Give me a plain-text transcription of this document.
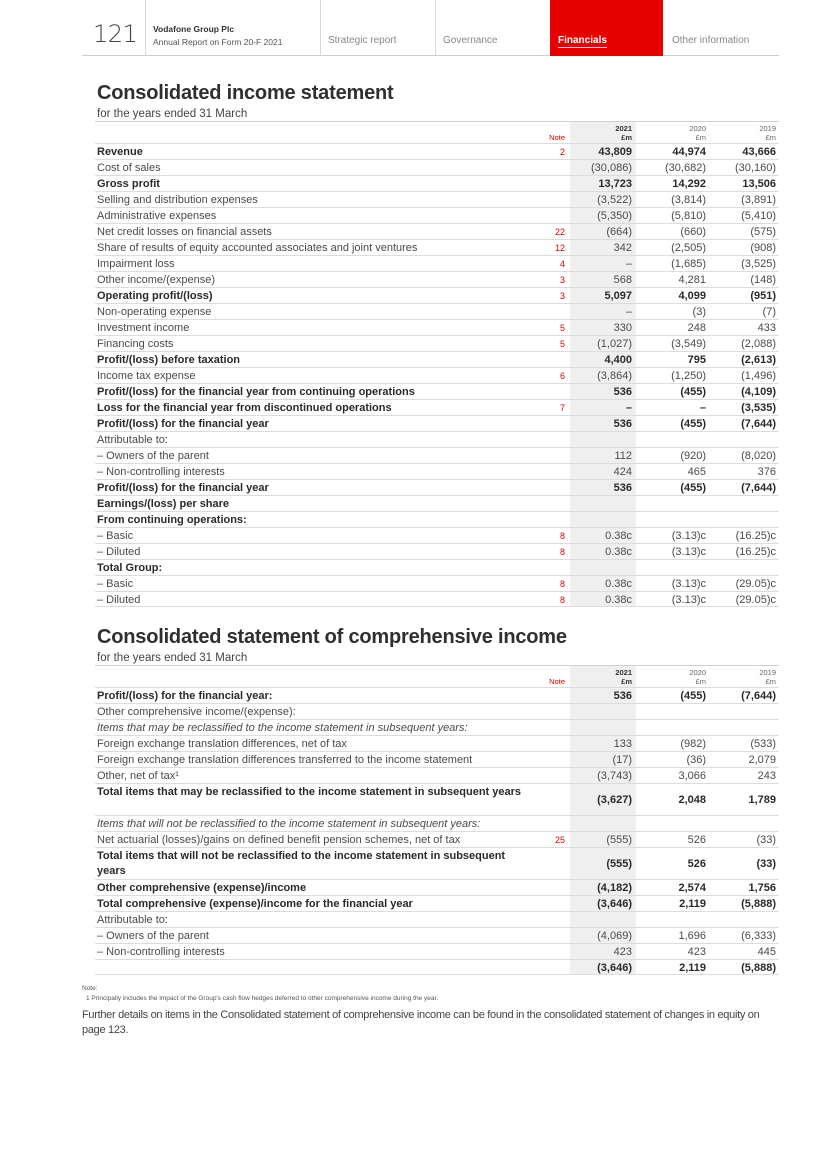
121 Vodafone Group Plc
Annual Report on Form 20-F 2021	Strategic report	Governance	Financials	Other information
Consolidated income statement
for the years ended 31 March
Note
2021
£m
2020
£m
2019
£m
Revenue	2	43,809	44,974	43,666
Cost of sales	(30,086)	(30,682)	(30,160)
Gross profit	13,723	14,292	13,506
Selling and distribution expenses	(3,522)	(3,814)	(3,891)
Administrative expenses	(5,350)	(5,810)	(5,410)
Net credit losses on financial assets	22	(664)	(660)	(575)
Share of results of equity accounted associates and joint ventures	12	342	(2,505)	(908)
Impairment loss	4	–	(1,685)	(3,525)
Other income/(expense)	3	568	4,281	(148)
Operating profit/(loss)	3	5,097	4,099	(951)
Non-operating expense	–	(3)	(7)
Investment income	5	330	248	433
Financing costs	5	(1,027)	(3,549)	(2,088)
Profit/(loss) before taxation	4,400	795	(2,613)
Income tax expense	6	(3,864)	(1,250)	(1,496)
Profit/(loss) for the financial year from continuing operations	536	(455)	(4,109)
Loss for the financial year from discontinued operations	7	–	–	(3,535)
Profit/(loss) for the financial year	536	(455)	(7,644)
Attributable to:
– Owners of the parent	112	(920)	(8,020)
– Non-controlling interests	424	465	376
Profit/(loss) for the financial year	536	(455)	(7,644)
Earnings/(loss) per share
From continuing operations:
– Basic	8	0.38c	(3.13)c	(16.25)c
– Diluted	8	0.38c	(3.13)c	(16.25)c
Total Group:
– Basic	8	0.38c	(3.13)c	(29.05)c
– Diluted	8	0.38c	(3.13)c	(29.05)c
Consolidated statement of comprehensive income
for the years ended 31 March
Note
2021
£m
2020
£m
2019
£m
Profit/(loss) for the financial year:	536	(455)	(7,644)
Other comprehensive income/(expense):
Items that may be reclassified to the income statement in subsequent years:
Foreign exchange translation differences, net of tax	133	(982)	(533)
Foreign exchange translation differences transferred to the income statement	(17)	(36)	2,079
Other, net of tax¹	(3,743)	3,066	243
Total items that may be reclassified to the income statement in subsequent years
(3,627)	2,048	1,789
Items that will not be reclassified to the income statement in subsequent years:
Net actuarial (losses)/gains on defined benefit pension schemes, net of tax	25	(555)	526	(33)
Total items that will not be reclassified to the income statement in subsequent years
(555)	526	(33)
Other comprehensive (expense)/income	(4,182)	2,574	1,756
Total comprehensive (expense)/income for the financial year	(3,646)	2,119	(5,888)
Attributable to:
– Owners of the parent	(4,069)	1,696	(6,333)
– Non-controlling interests	423	423	445
(3,646)	2,119	(5,888)
Note:
1 Principally includes the impact of the Group's cash flow hedges deferred to other comprehensive income during the year.
Further details on items in the Consolidated statement of comprehensive income can be found in the consolidated statement of changes in equity on page 123.
